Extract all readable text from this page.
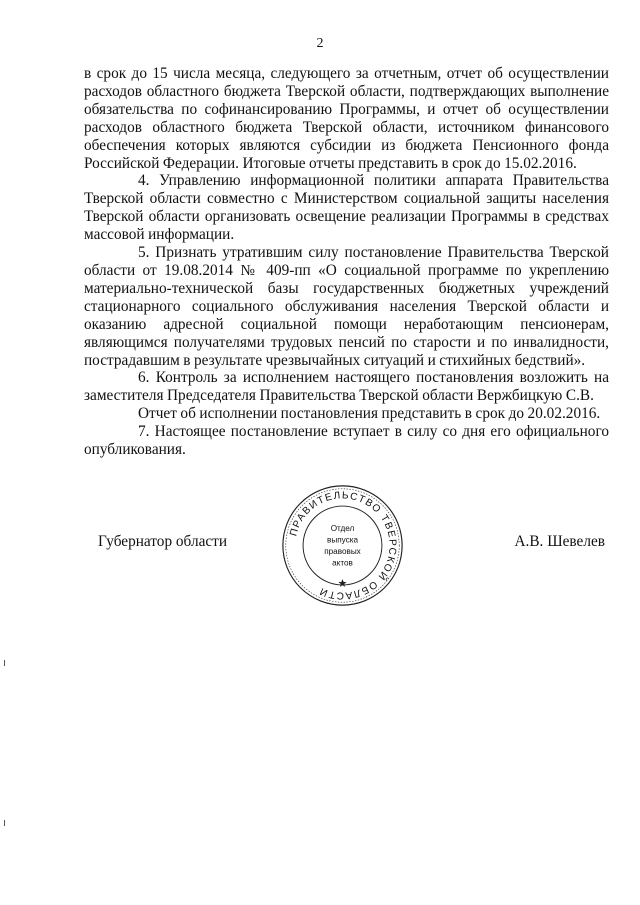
2

в срок до 15 числа месяца, следующего за отчетным, отчет об осуществлении расходов областного бюджета Тверской области, подтверждающих выполнение обязательства по софинансированию Программы, и отчет об осуществлении расходов областного бюджета Тверской области, источником финансового обеспечения которых являются субсидии из бюджета Пенсионного фонда Российской Федерации. Итоговые отчеты представить в срок до 15.02.2016.

4. Управлению информационной политики аппарата Правительства Тверской области совместно с Министерством социальной защиты населения Тверской области организовать освещение реализации Программы в средствах массовой информации.

5. Признать утратившим силу постановление Правительства Тверской области от 19.08.2014 № 409-пп «О социальной программе по укреплению материально-технической базы государственных бюджетных учреждений стационарного социального обслуживания населения Тверской области и оказанию адресной социальной помощи неработающим пенсионерам, являющимся получателями трудовых пенсий по старости и по инвалидности, пострадавшим в результате чрезвычайных ситуаций и стихийных бедствий».

6. Контроль за исполнением настоящего постановления возложить на заместителя Председателя Правительства Тверской области Вержбицкую С.В.

Отчет об исполнении постановления представить в срок до 20.02.2016.

7. Настоящее постановление вступает в силу со дня его официального опубликования.

Губернатор области
ПРАВИТЕЛЬСТВО ТВЕРСКОЙ ОБЛАСТИ
Отдел
выпуска
правовых
актов
А.В. Шевелев
